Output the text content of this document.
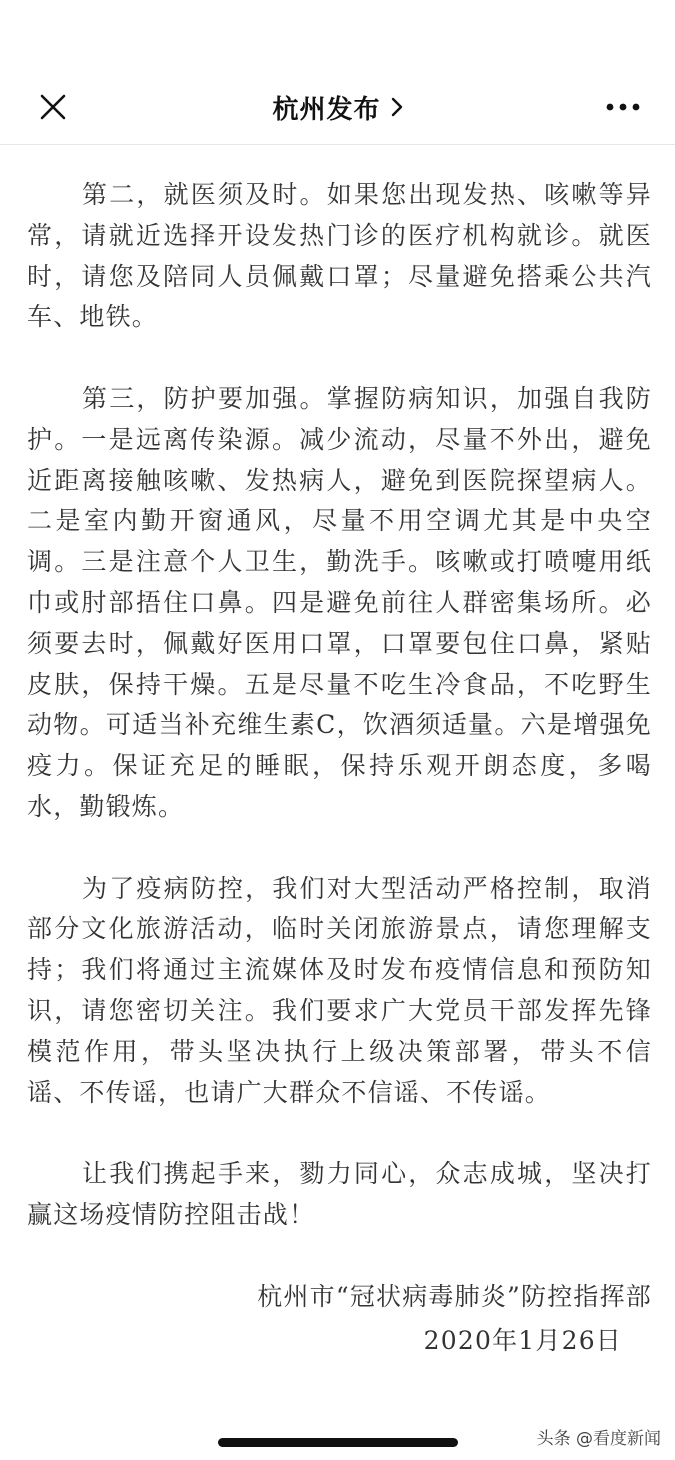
杭州发布

第二，就医须及时。如果您出现发热、咳嗽等异常，请就近选择开设发热门诊的医疗机构就诊。就医时，请您及陪同人员佩戴口罩；尽量避免搭乘公共汽车、地铁。

第三，防护要加强。掌握防病知识，加强自我防护。一是远离传染源。减少流动，尽量不外出，避免近距离接触咳嗽、发热病人，避免到医院探望病人。二是室内勤开窗通风，尽量不用空调尤其是中央空调。三是注意个人卫生，勤洗手。咳嗽或打喷嚏用纸巾或肘部捂住口鼻。四是避免前往人群密集场所。必须要去时，佩戴好医用口罩，口罩要包住口鼻，紧贴皮肤，保持干燥。五是尽量不吃生冷食品，不吃野生动物。可适当补充维生素C，饮酒须适量。六是增强免疫力。保证充足的睡眠，保持乐观开朗态度，多喝水，勤锻炼。

为了疫病防控，我们对大型活动严格控制，取消部分文化旅游活动，临时关闭旅游景点，请您理解支持；我们将通过主流媒体及时发布疫情信息和预防知识，请您密切关注。我们要求广大党员干部发挥先锋模范作用，带头坚决执行上级决策部署，带头不信谣、不传谣，也请广大群众不信谣、不传谣。

让我们携起手来，勠力同心，众志成城，坚决打赢这场疫情防控阻击战！

杭州市“冠状病毒肺炎”防控指挥部
2020年1月26日
头条 @看度新闻
